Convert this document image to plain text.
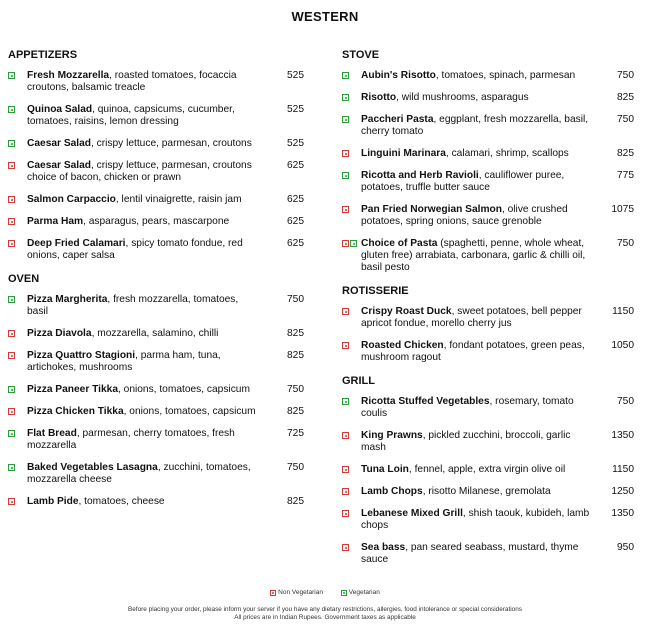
WESTERN
APPETIZERS
Fresh Mozzarella, roasted tomatoes, focaccia croutons, balsamic treacle
525
Quinoa Salad, quinoa, capsicums, cucumber, tomatoes, raisins, lemon dressing
525
Caesar Salad, crispy lettuce, parmesan, croutons	525
Caesar Salad, crispy lettuce, parmesan, croutons choice of bacon, chicken or prawn
625
Salmon Carpaccio, lentil vinaigrette, raisin jam	625
Parma Ham, asparagus, pears, mascarpone	625
Deep Fried Calamari, spicy tomato fondue, red onions, caper salsa
625
OVEN
Pizza Margherita, fresh mozzarella, tomatoes, basil
750
Pizza Diavola, mozzarella, salamino, chilli	825
Pizza Quattro Stagioni, parma ham, tuna, artichokes, mushrooms
825
Pizza Paneer Tikka, onions, tomatoes, capsicum	750
Pizza Chicken Tikka, onions, tomatoes, capsicum	825
Flat Bread, parmesan, cherry tomatoes, fresh mozzarella
725
Baked Vegetables Lasagna, zucchini, tomatoes, mozzarella cheese
750
Lamb Pide, tomatoes, cheese	825
STOVE
Aubin's Risotto, tomatoes, spinach, parmesan	750
Risotto, wild mushrooms, asparagus	825
Paccheri Pasta, eggplant, fresh mozzarella, basil, cherry tomato
750
Linguini Marinara, calamari, shrimp, scallops	825
Ricotta and Herb Ravioli, cauliflower puree, potatoes, truffle butter sauce
775
Pan Fried Norwegian Salmon, olive crushed potatoes, spring onions, sauce grenoble
1075
Choice of Pasta (spaghetti, penne, whole wheat, gluten free) arrabiata, carbonara, garlic & chilli oil, basil pesto
750
ROTISSERIE
Crispy Roast Duck, sweet potatoes, bell pepper apricot fondue, morello cherry jus
1150
Roasted Chicken, fondant potatoes, green peas, mushroom ragout
1050
GRILL
Ricotta Stuffed Vegetables, rosemary, tomato coulis
750
King Prawns, pickled zucchini, broccoli, garlic mash
1350
Tuna Loin, fennel, apple, extra virgin olive oil	1150
Lamb Chops, risotto Milanese, gremolata	1250
Lebanese Mixed Grill, shish taouk, kubideh, lamb chops
1350
Sea bass, pan seared seabass, mustard, thyme sauce
950
Non Vegetarian
	Vegetarian
Before placing your order, please inform your server if you have any dietary restrictions, allergies, food intolerance or special considerations
All prices are in Indian Rupees. Government taxes as applicable
